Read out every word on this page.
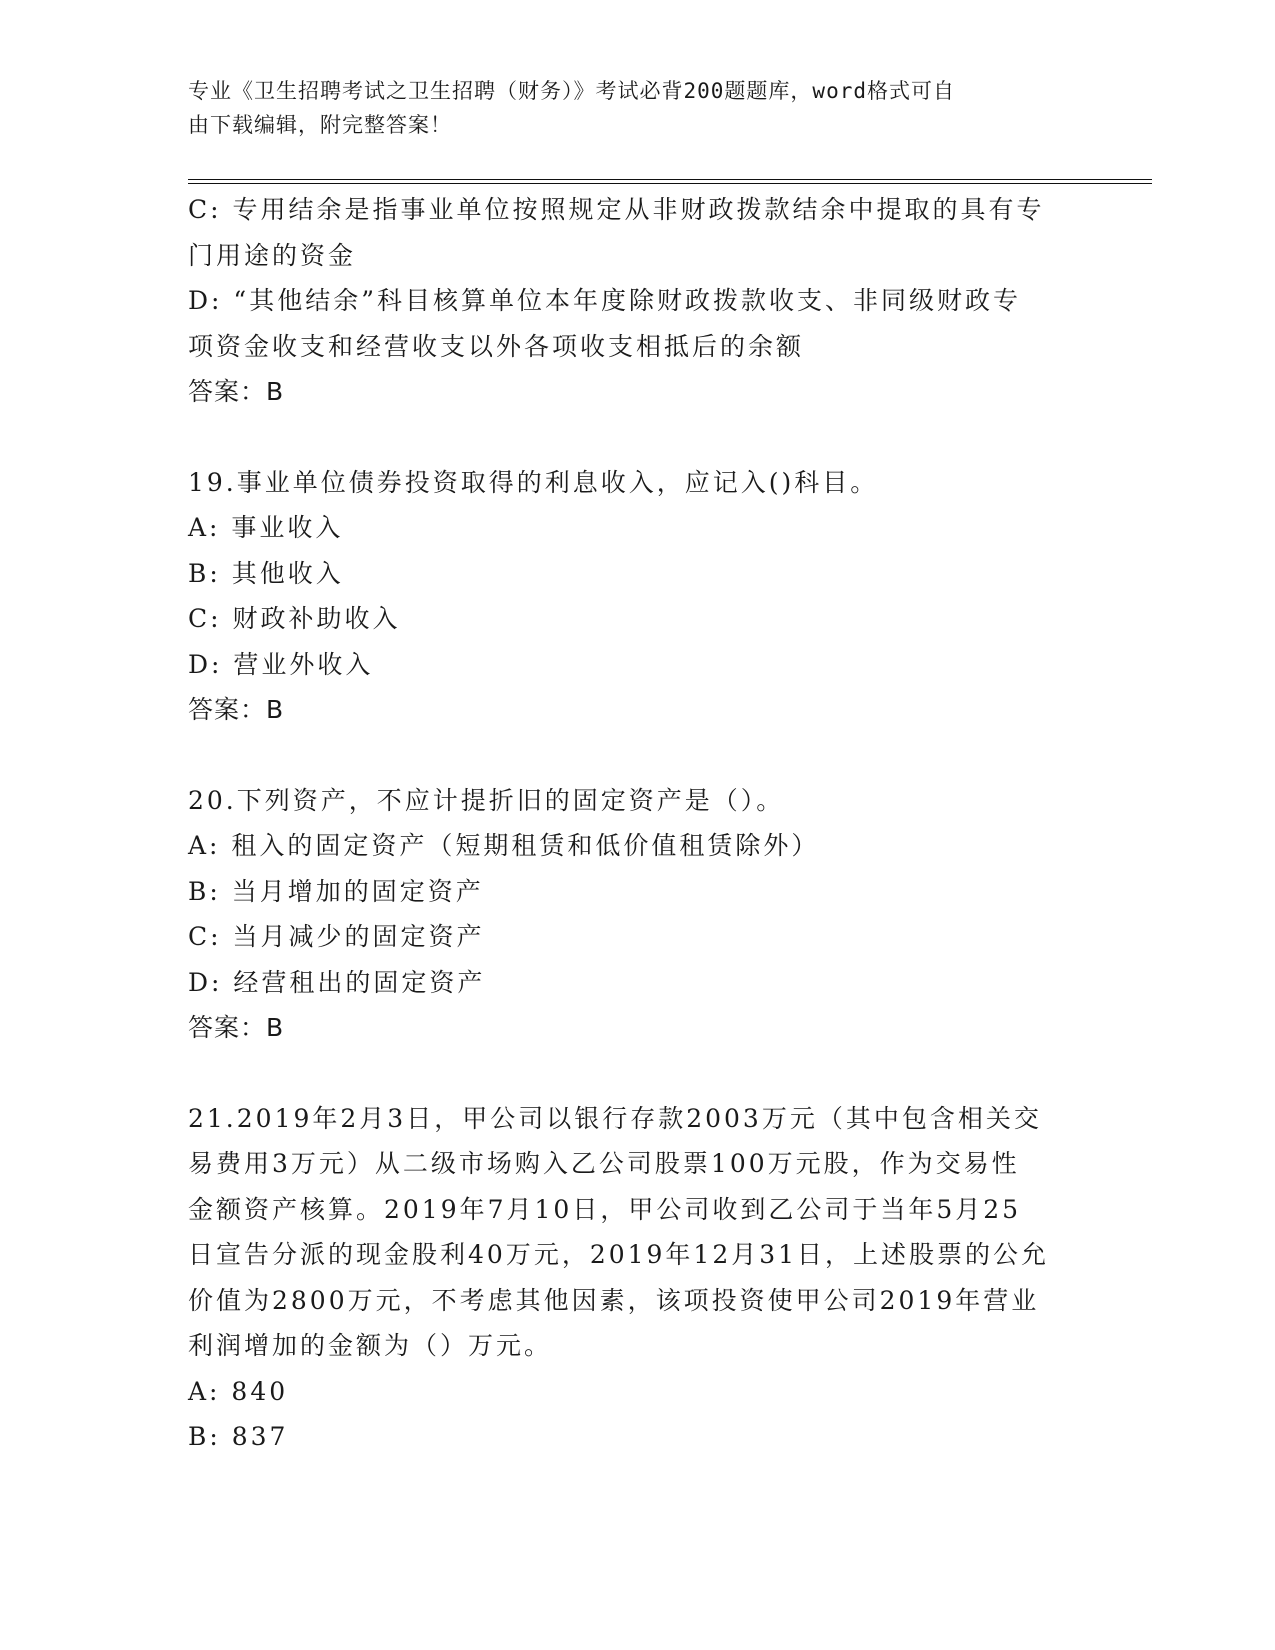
专业《卫生招聘考试之卫生招聘（财务）》考试必背200题题库，word格式可自
由下载编辑，附完整答案！
C: 专用结余是指事业单位按照规定从非财政拨款结余中提取的具有专
门用途的资金
D: “其他结余”科目核算单位本年度除财政拨款收支、非同级财政专
项资金收支和经营收支以外各项收支相抵后的余额
答案：B
19.事业单位债券投资取得的利息收入，应记入()科目。
A: 事业收入
B: 其他收入
C: 财政补助收入
D: 营业外收入
答案：B
20.下列资产，不应计提折旧的固定资产是（）。
A: 租入的固定资产（短期租赁和低价值租赁除外）
B: 当月增加的固定资产
C: 当月减少的固定资产
D: 经营租出的固定资产
答案：B
21.2019年2月3日，甲公司以银行存款2003万元（其中包含相关交
易费用3万元）从二级市场购入乙公司股票100万元股，作为交易性
金额资产核算。2019年7月10日，甲公司收到乙公司于当年5月25
日宣告分派的现金股利40万元，2019年12月31日，上述股票的公允
价值为2800万元，不考虑其他因素，该项投资使甲公司2019年营业
利润增加的金额为（）万元。
A: 840
B: 837
